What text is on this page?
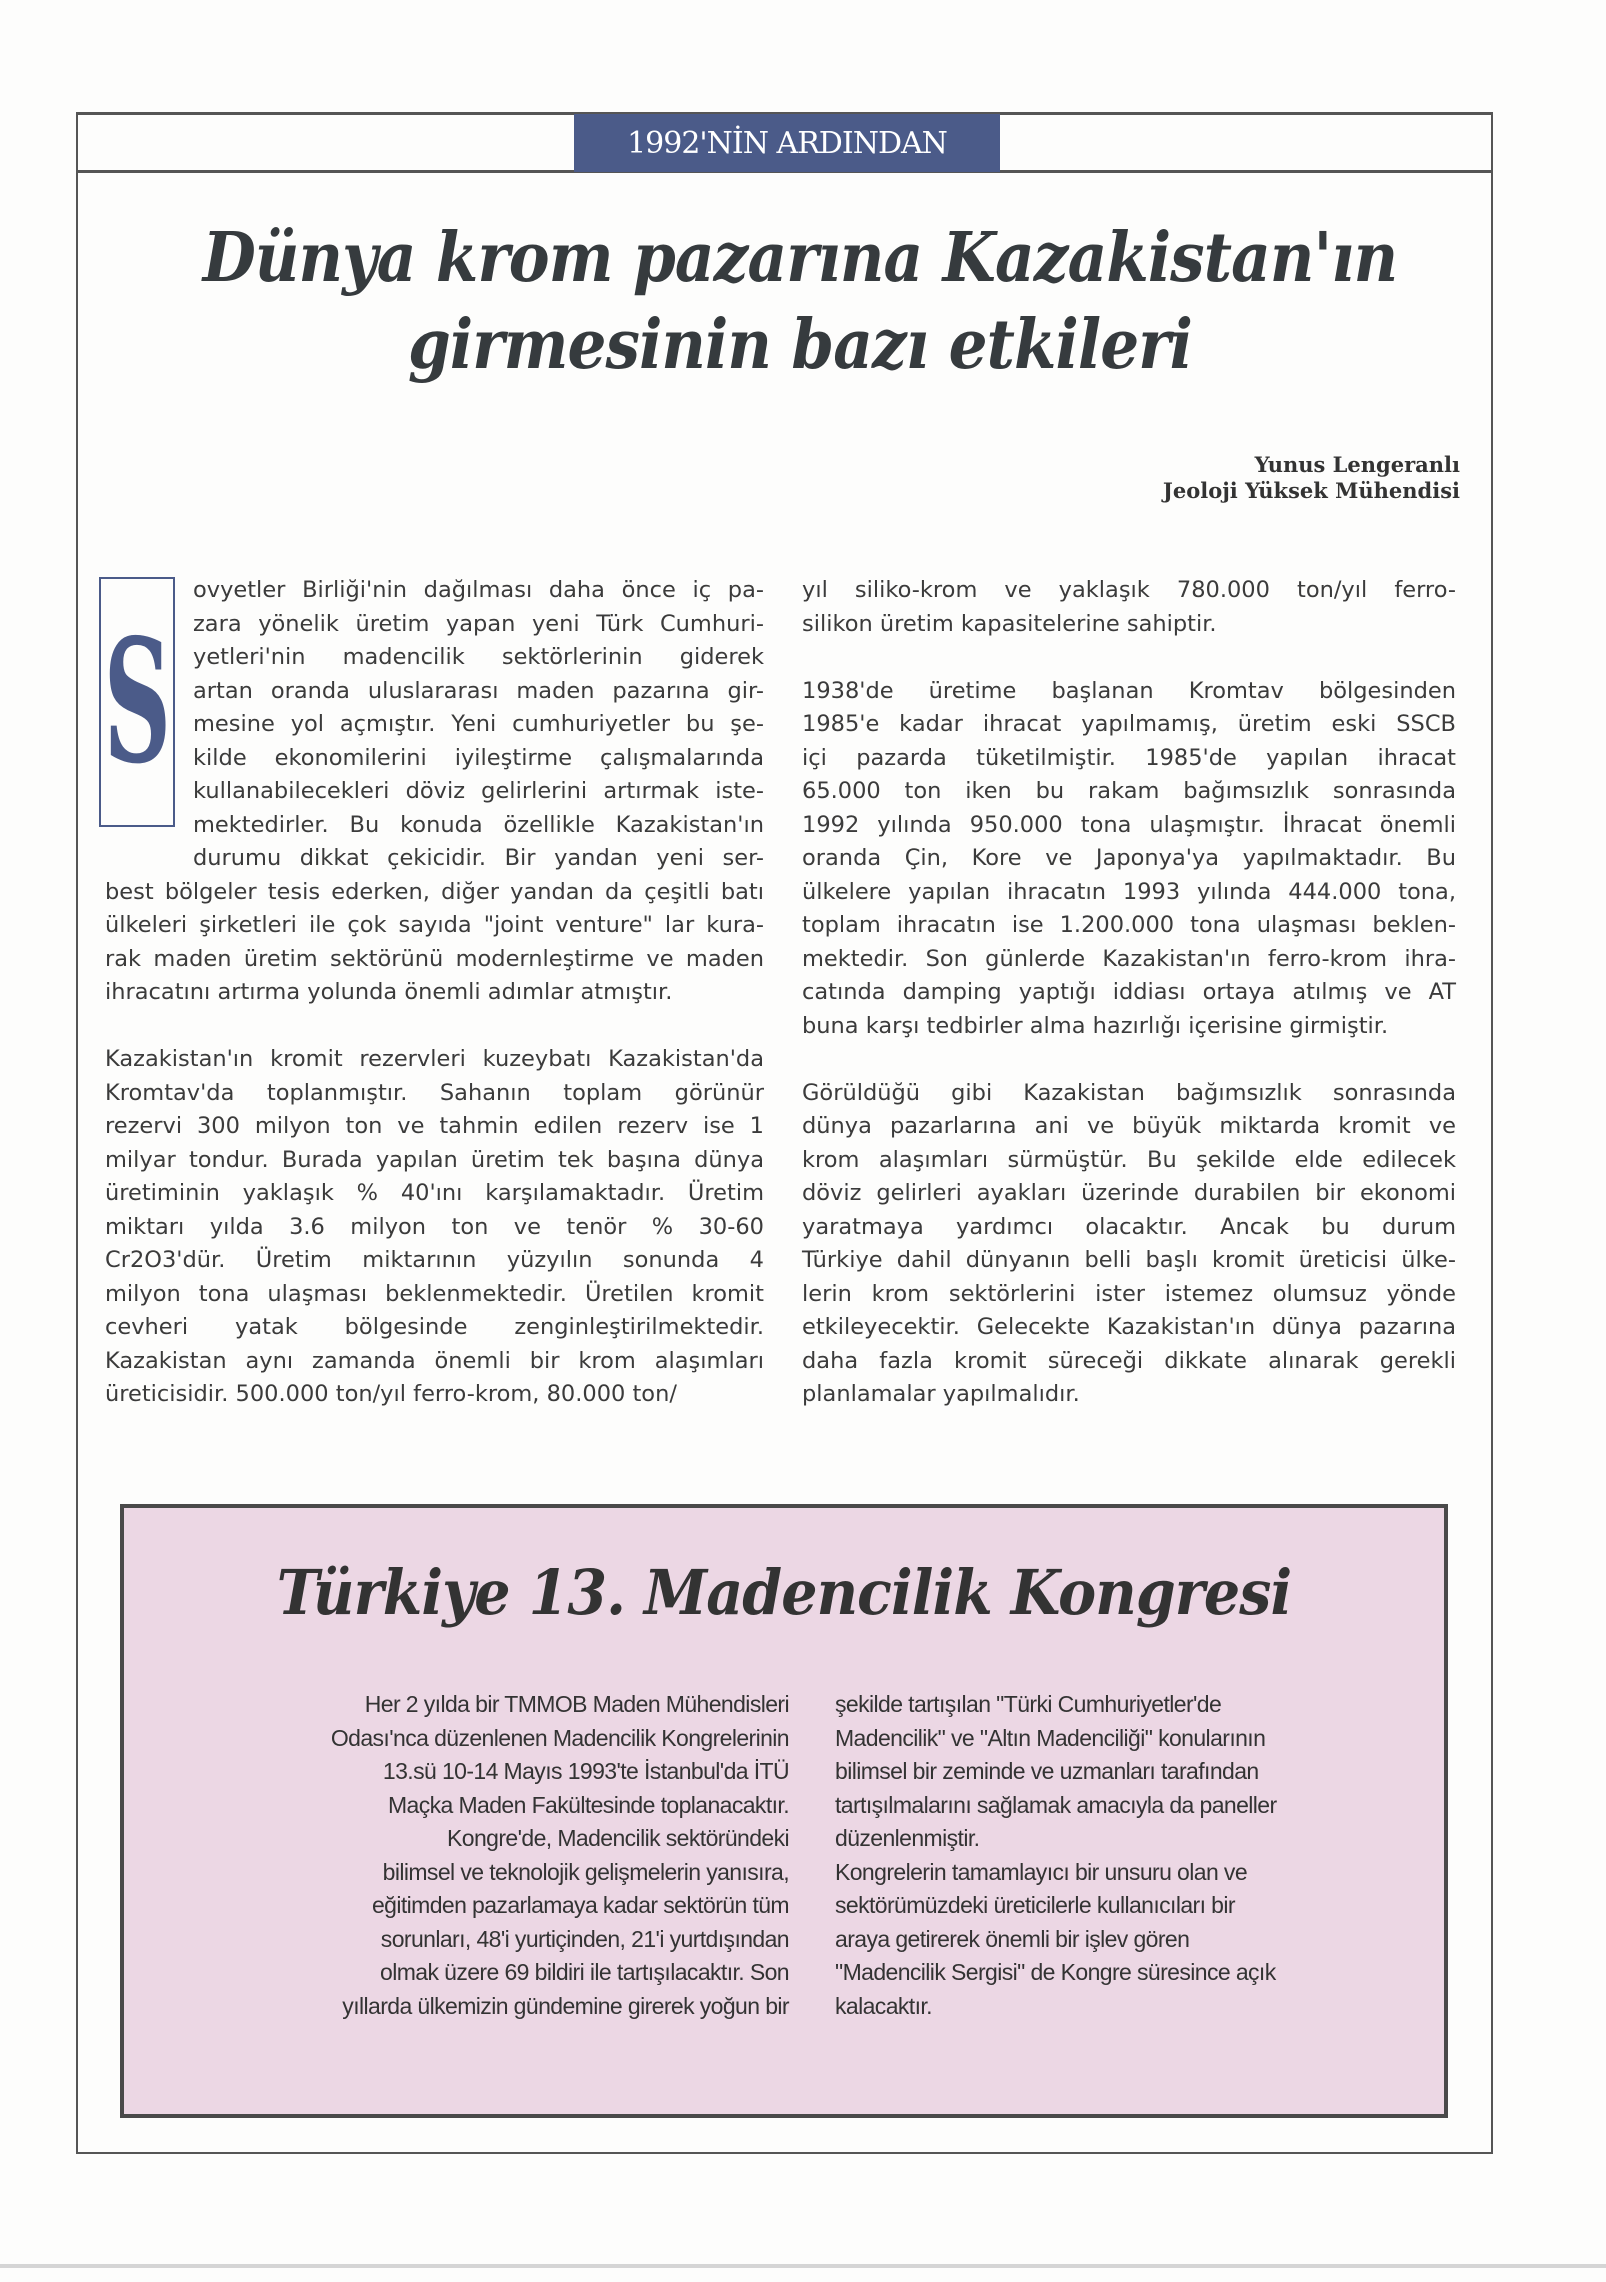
1992'NİN ARDINDAN
Dünya krom pazarına Kazakistan'ın
girmesinin bazı etkileri
Yunus Lengeranlı
Jeoloji Yüksek Mühendisi
S
ovyetler Birliği'nin dağılması daha önce iç pa-
zara yönelik üretim yapan yeni Türk Cumhuri-
yetleri'nin madencilik sektörlerinin giderek
artan oranda uluslararası maden pazarına gir-
mesine yol açmıştır. Yeni cumhuriyetler bu şe-
kilde ekonomilerini iyileştirme çalışmalarında
kullanabilecekleri döviz gelirlerini artırmak iste-
mektedirler. Bu konuda özellikle Kazakistan'ın
durumu dikkat çekicidir. Bir yandan yeni ser-
best bölgeler tesis ederken, diğer yandan da çeşitli batı
ülkeleri şirketleri ile çok sayıda "joint venture" lar kura-
rak maden üretim sektörünü modernleştirme ve maden
ihracatını artırma yolunda önemli adımlar atmıştır.
Kazakistan'ın kromit rezervleri kuzeybatı Kazakistan'da
Kromtav'da toplanmıştır. Sahanın toplam görünür
rezervi 300 milyon ton ve tahmin edilen rezerv ise 1
milyar tondur. Burada yapılan üretim tek başına dünya
üretiminin yaklaşık % 40'ını karşılamaktadır. Üretim
miktarı yılda 3.6 milyon ton ve tenör % 30-60
Cr2O3'dür. Üretim miktarının yüzyılın sonunda 4
milyon tona ulaşması beklenmektedir. Üretilen kromit
cevheri yatak bölgesinde zenginleştirilmektedir.
Kazakistan aynı zamanda önemli bir krom alaşımları
üreticisidir. 500.000 ton/yıl ferro-krom, 80.000 ton/
yıl siliko-krom ve yaklaşık 780.000 ton/yıl ferro-
silikon üretim kapasitelerine sahiptir.
1938'de üretime başlanan Kromtav bölgesinden
1985'e kadar ihracat yapılmamış, üretim eski SSCB
içi pazarda tüketilmiştir. 1985'de yapılan ihracat
65.000 ton iken bu rakam bağımsızlık sonrasında
1992 yılında 950.000 tona ulaşmıştır. İhracat önemli
oranda Çin, Kore ve Japonya'ya yapılmaktadır. Bu
ülkelere yapılan ihracatın 1993 yılında 444.000 tona,
toplam ihracatın ise 1.200.000 tona ulaşması beklen-
mektedir. Son günlerde Kazakistan'ın ferro-krom ihra-
catında damping yaptığı iddiası ortaya atılmış ve AT
buna karşı tedbirler alma hazırlığı içerisine girmiştir.
Görüldüğü gibi Kazakistan bağımsızlık sonrasında
dünya pazarlarına ani ve büyük miktarda kromit ve
krom alaşımları sürmüştür. Bu şekilde elde edilecek
döviz gelirleri ayakları üzerinde durabilen bir ekonomi
yaratmaya yardımcı olacaktır. Ancak bu durum
Türkiye dahil dünyanın belli başlı kromit üreticisi ülke-
lerin krom sektörlerini ister istemez olumsuz yönde
etkileyecektir. Gelecekte Kazakistan'ın dünya pazarına
daha fazla kromit süreceği dikkate alınarak gerekli
planlamalar yapılmalıdır.
Türkiye 13. Madencilik Kongresi
Her 2 yılda bir TMMOB Maden Mühendisleri
Odası'nca düzenlenen Madencilik Kongrelerinin
13.sü 10-14 Mayıs 1993'te İstanbul'da İTÜ
Maçka Maden Fakültesinde toplanacaktır.
Kongre'de, Madencilik sektöründeki
bilimsel ve teknolojik gelişmelerin yanısıra,
eğitimden pazarlamaya kadar sektörün tüm
sorunları, 48'i yurtiçinden, 21'i yurtdışından
olmak üzere 69 bildiri ile tartışılacaktır. Son
yıllarda ülkemizin gündemine girerek yoğun bir
şekilde tartışılan "Türki Cumhuriyetler'de
Madencilik" ve "Altın Madenciliği" konularının
bilimsel bir zeminde ve uzmanları tarafından
tartışılmalarını sağlamak amacıyla da paneller
düzenlenmiştir.
Kongrelerin tamamlayıcı bir unsuru olan ve
sektörümüzdeki üreticilerle kullanıcıları bir
araya getirerek önemli bir işlev gören
"Madencilik Sergisi" de Kongre süresince açık
kalacaktır.
